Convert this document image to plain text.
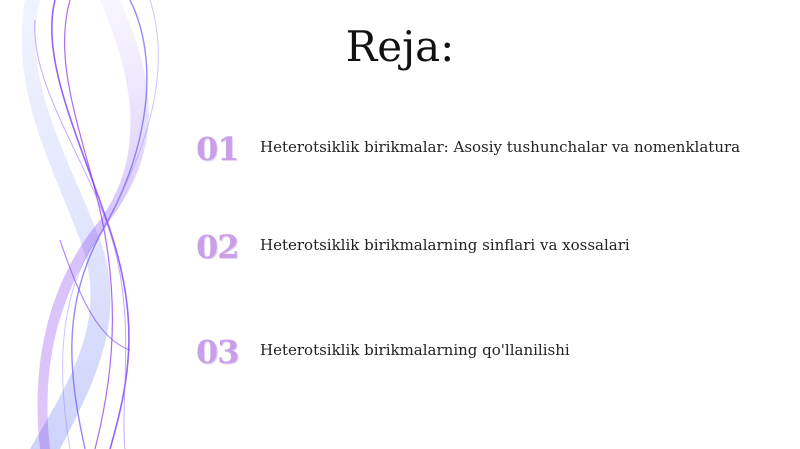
Reja:
01	Heterotsiklik birikmalar: Asosiy tushunchalar va nomenklatura
02	Heterotsiklik birikmalarning sinflari va xossalari
03	Heterotsiklik birikmalarning qo'llanilishi
